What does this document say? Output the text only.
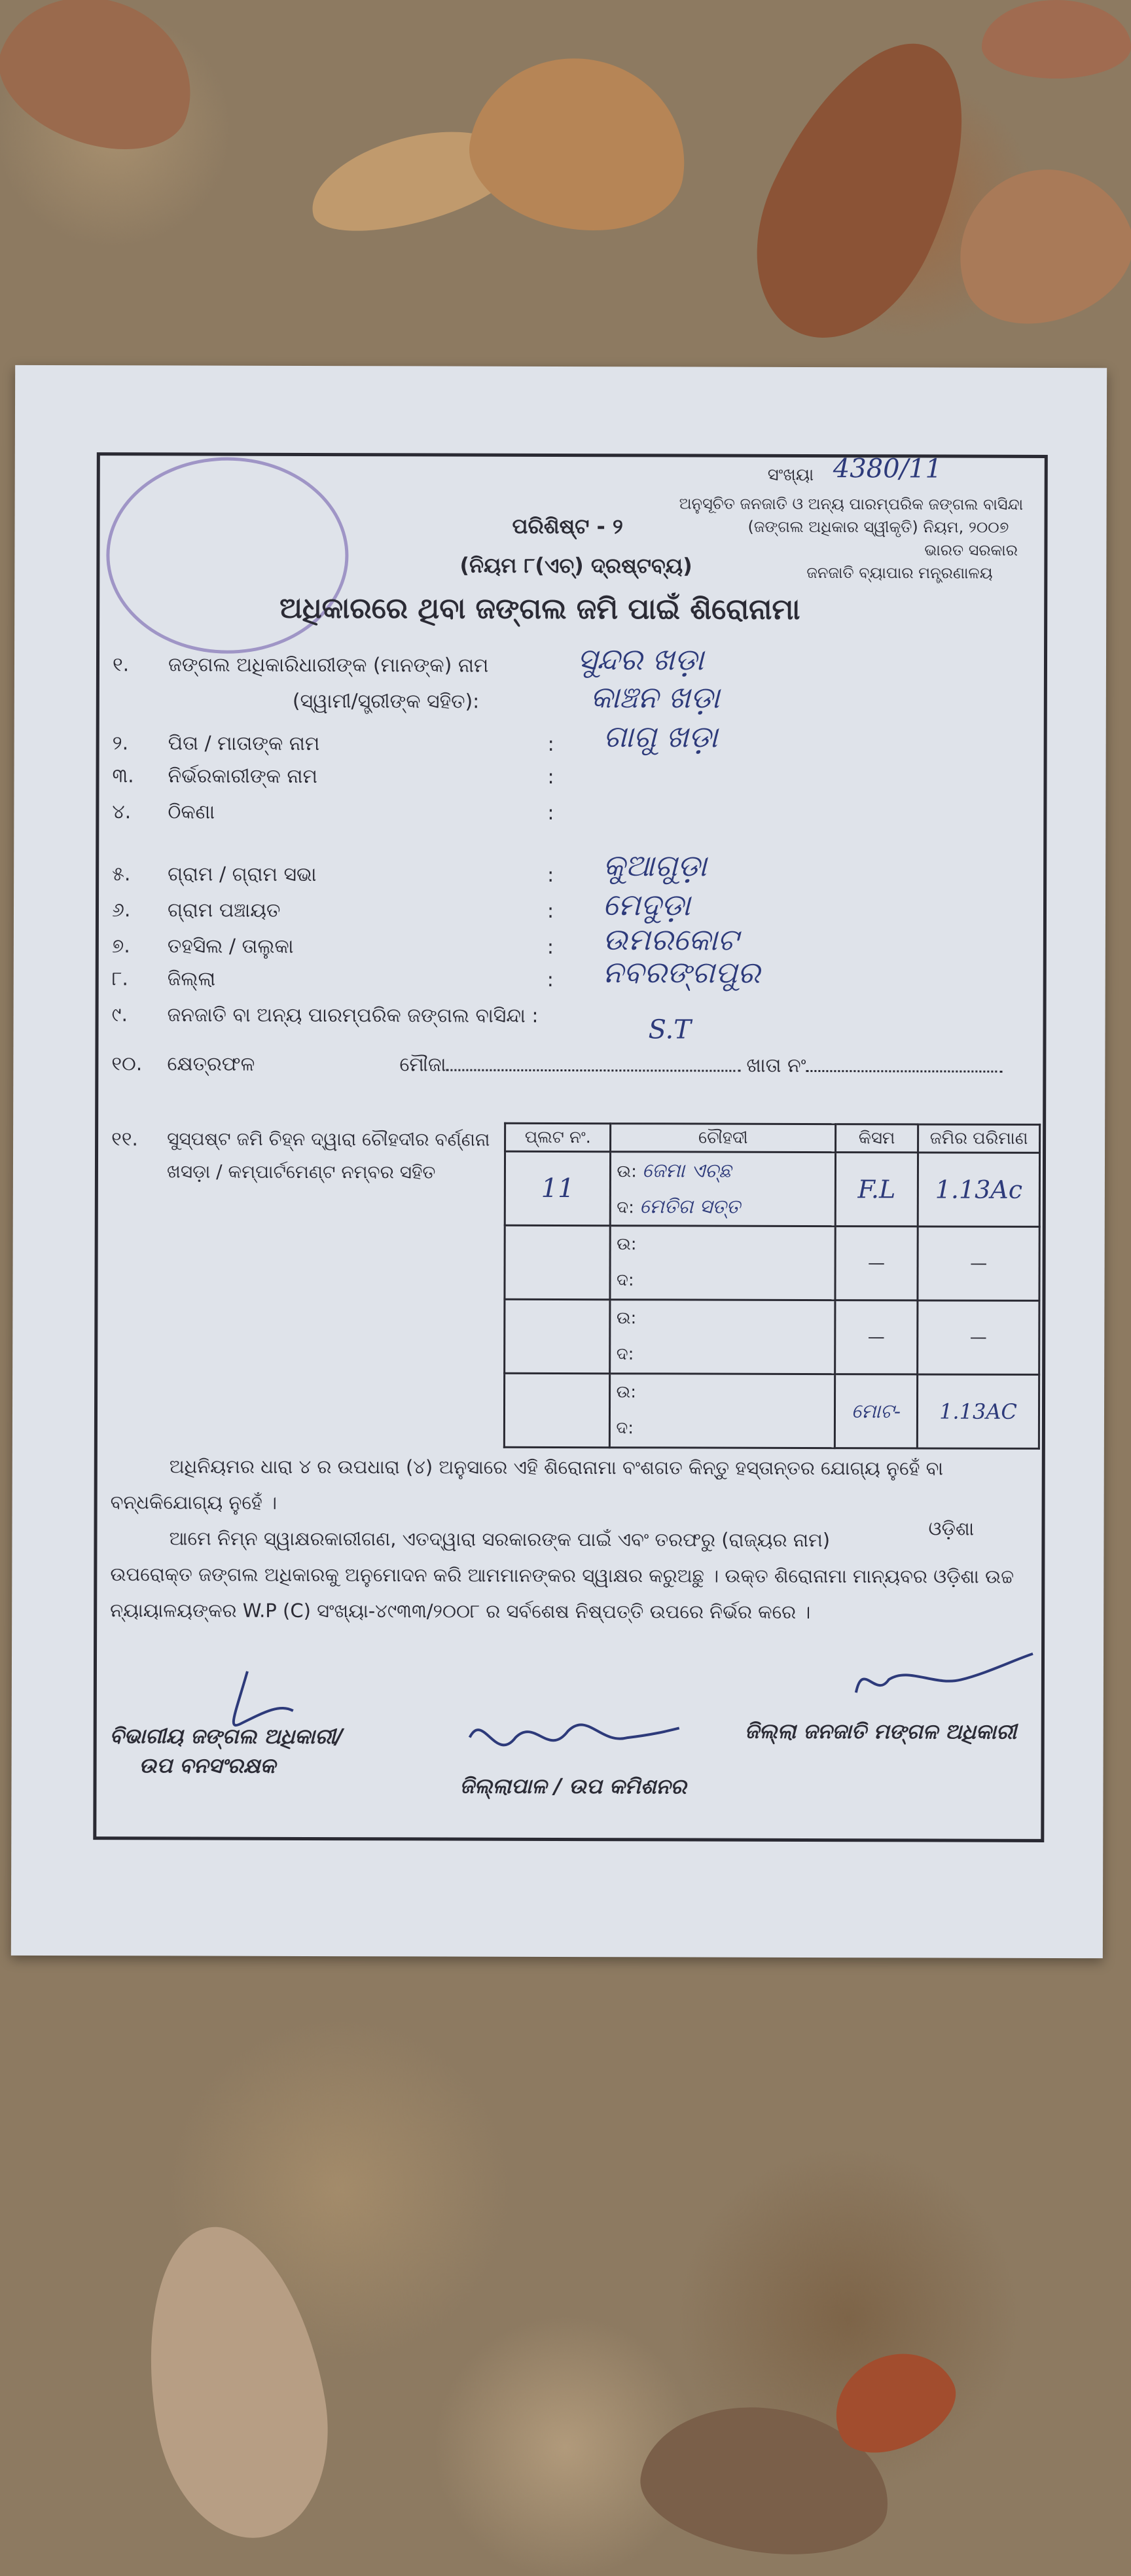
ସଂଖ୍ୟା 4380/11
ଅନୁସୂଚିତ ଜନଜାତି ଓ ଅନ୍ୟ ପାରମ୍ପରିକ ଜଙ୍ଗଲ ବାସିନ୍ଦା
(ଜଙ୍ଗଲ ଅଧିକାର ସ୍ୱୀକୃତି) ନିୟମ, ୨୦୦୭
ଭାରତ ସରକାର
ଜନଜାତି ବ୍ୟାପାର ମନ୍ତ୍ରଣାଳୟ
ପରିଶିଷ୍ଟ - ୨
(ନିୟମ ୮(ଏଚ୍) ଦ୍ରଷ୍ଟବ୍ୟ)
ଅଧିକାରରେ ଥିବା ଜଙ୍ଗଲ ଜମି ପାଇଁ ଶିରୋନାମା
୧. ଜଙ୍ଗଲ ଅଧିକାରିଧାରୀଙ୍କ (ମାନଙ୍କ) ନାମ	ସୁନ୍ଦର ଖଡ଼ା
(ସ୍ୱାମୀ/ସ୍ତ୍ରୀଙ୍କ ସହିତ):	କାଞ୍ଚନ ଖଡ଼ା
୨. ପିତା / ମାତାଙ୍କ ନାମ	: ଗାଗୁ ଖଡ଼ା
୩. ନିର୍ଭରକାରୀଙ୍କ ନାମ	:
୪. ଠିକଣା	:
୫. ଗ୍ରାମ / ଗ୍ରାମ ସଭା	: କୁଆଗୁଡ଼ା
୬. ଗ୍ରାମ ପଞ୍ଚାୟତ	: ମେଦୁଡ଼ା
୭. ତହସିଲ / ତାଲୁକା	: ଉମରକୋଟ
୮. ଜିଲ୍ଲା	: ନବରଙ୍ଗପୁର
୯. ଜନଜାତି ବା ଅନ୍ୟ ପାରମ୍ପରିକ ଜଙ୍ଗଲ ବାସିନ୍ଦା :	S.T
୧୦. କ୍ଷେତ୍ରଫଳ	ମୌଜା	ଖାତା ନଂ
୧୧. ସୁସ୍ପଷ୍ଟ ଜମି ଚିହ୍ନ ଦ୍ୱାରା ଚୌହଦୀର ବର୍ଣ୍ଣନା
ଖସଡ଼ା / କମ୍ପାର୍ଟମେଣ୍ଟ ନମ୍ବର ସହିତ
ପ୍ଲଟ ନଂ.	ଚୌହଦୀ	କିସମ	ଜମିର ପରିମାଣ
11	ଉ: ଜେମା ଏଚ୍ଛ
ଦ: ମେତିଗ ସତ୍ତ	F.L	1.13Ac

	ଉ:
ଦ:	—	—

	ଉ:
ଦ:	—	—

	ଉ:
ଦ:	ମୋଟ-	1.13AC
ଅଧିନିୟମର ଧାରା ୪ ର ଉପଧାରା (୪) ଅନୁସାରେ ଏହି ଶିରୋନାମା ବଂଶଗତ କିନ୍ତୁ ହସ୍ତାନ୍ତର ଯୋଗ୍ୟ ନୁହେଁ ବା
ବନ୍ଧକିଯୋଗ୍ୟ ନୁହେଁ ।
ଆମେ ନିମ୍ନ ସ୍ୱାକ୍ଷରକାରୀଗଣ, ଏତଦ୍ୱାରା ସରକାରଙ୍କ ପାଇଁ ଏବଂ ତରଫରୁ (ରାଜ୍ୟର ନାମ)	ଓଡ଼ିଶା
ଉପରୋକ୍ତ ଜଙ୍ଗଲ ଅଧିକାରକୁ ଅନୁମୋଦନ କରି ଆମମାନଙ୍କର ସ୍ୱାକ୍ଷର କରୁଅଛୁ । ଉକ୍ତ ଶିରୋନାମା ମାନ୍ୟବର ଓଡ଼ିଶା ଉଚ୍ଚ
ନ୍ୟାୟାଳୟଙ୍କର W.P (C) ସଂଖ୍ୟା-୪୯୩୩/୨୦୦୮ ର ସର୍ବଶେଷ ନିଷ୍ପତ୍ତି ଉପରେ ନିର୍ଭର କରେ ।
ବିଭାଗୀୟ ଜଙ୍ଗଲ ଅଧିକାରୀ/
ଉପ ବନସଂରକ୍ଷକ
ଜିଲ୍ଲାପାଳ / ଉପ କମିଶନର
ଜିଲ୍ଲା ଜନଜାତି ମଙ୍ଗଳ ଅଧିକାରୀ
